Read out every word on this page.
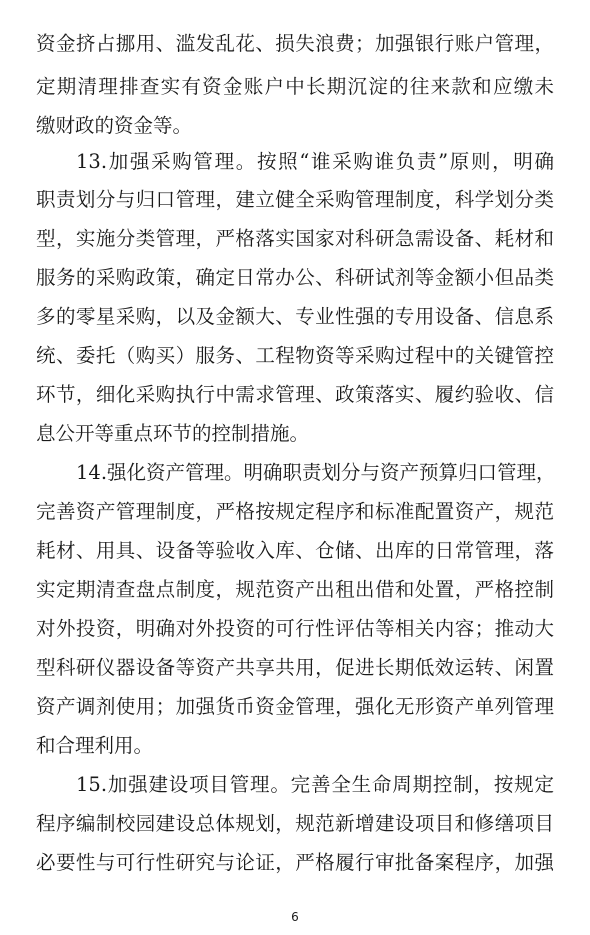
资金挤占挪用、滥发乱花、损失浪费；加强银行账户管理，
定期清理排查实有资金账户中长期沉淀的往来款和应缴未
缴财政的资金等。
13.加强采购管理。按照“谁采购谁负责”原则，明确
职责划分与归口管理，建立健全采购管理制度，科学划分类
型，实施分类管理，严格落实国家对科研急需设备、耗材和
服务的采购政策，确定日常办公、科研试剂等金额小但品类
多的零星采购，以及金额大、专业性强的专用设备、信息系
统、委托（购买）服务、工程物资等采购过程中的关键管控
环节，细化采购执行中需求管理、政策落实、履约验收、信
息公开等重点环节的控制措施。
14.强化资产管理。明确职责划分与资产预算归口管理，
完善资产管理制度，严格按规定程序和标准配置资产，规范
耗材、用具、设备等验收入库、仓储、出库的日常管理，落
实定期清查盘点制度，规范资产出租出借和处置，严格控制
对外投资，明确对外投资的可行性评估等相关内容；推动大
型科研仪器设备等资产共享共用，促进长期低效运转、闲置
资产调剂使用；加强货币资金管理，强化无形资产单列管理
和合理利用。
15.加强建设项目管理。完善全生命周期控制，按规定
程序编制校园建设总体规划，规范新增建设项目和修缮项目
必要性与可行性研究与论证，严格履行审批备案程序，加强
6
